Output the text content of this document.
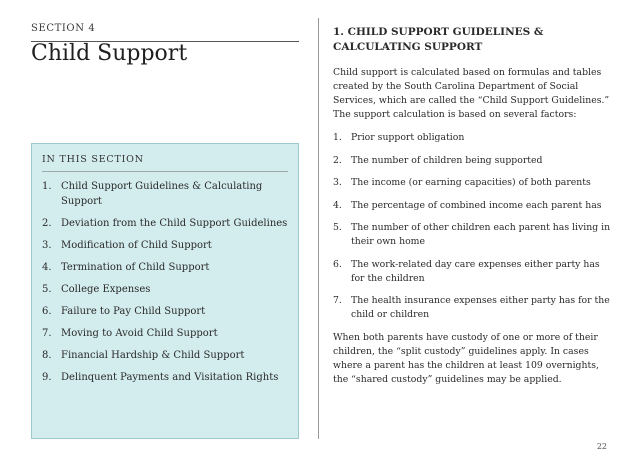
SECTION 4
Child Support
IN THIS SECTION
1. Child Support Guidelines & Calculating Support
2. Deviation from the Child Support Guidelines
3. Modification of Child Support
4. Termination of Child Support
5. College Expenses
6. Failure to Pay Child Support
7. Moving to Avoid Child Support
8. Financial Hardship & Child Support
9. Delinquent Payments and Visitation Rights
1. CHILD SUPPORT GUIDELINES & CALCULATING SUPPORT

Child support is calculated based on formulas and tables created by the South Carolina Department of Social Services, which are called the “Child Support Guidelines.” The support calculation is based on several factors:

1. Prior support obligation
2. The number of children being supported
3. The income (or earning capacities) of both parents
4. The percentage of combined income each parent has
5. The number of other children each parent has living in their own home
6. The work-related day care expenses either party has for the children
7. The health insurance expenses either party has for the child or children

When both parents have custody of one or more of their children, the “split custody” guidelines apply. In cases where a parent has the children at least 109 overnights, the “shared custody” guidelines may be applied.

22
